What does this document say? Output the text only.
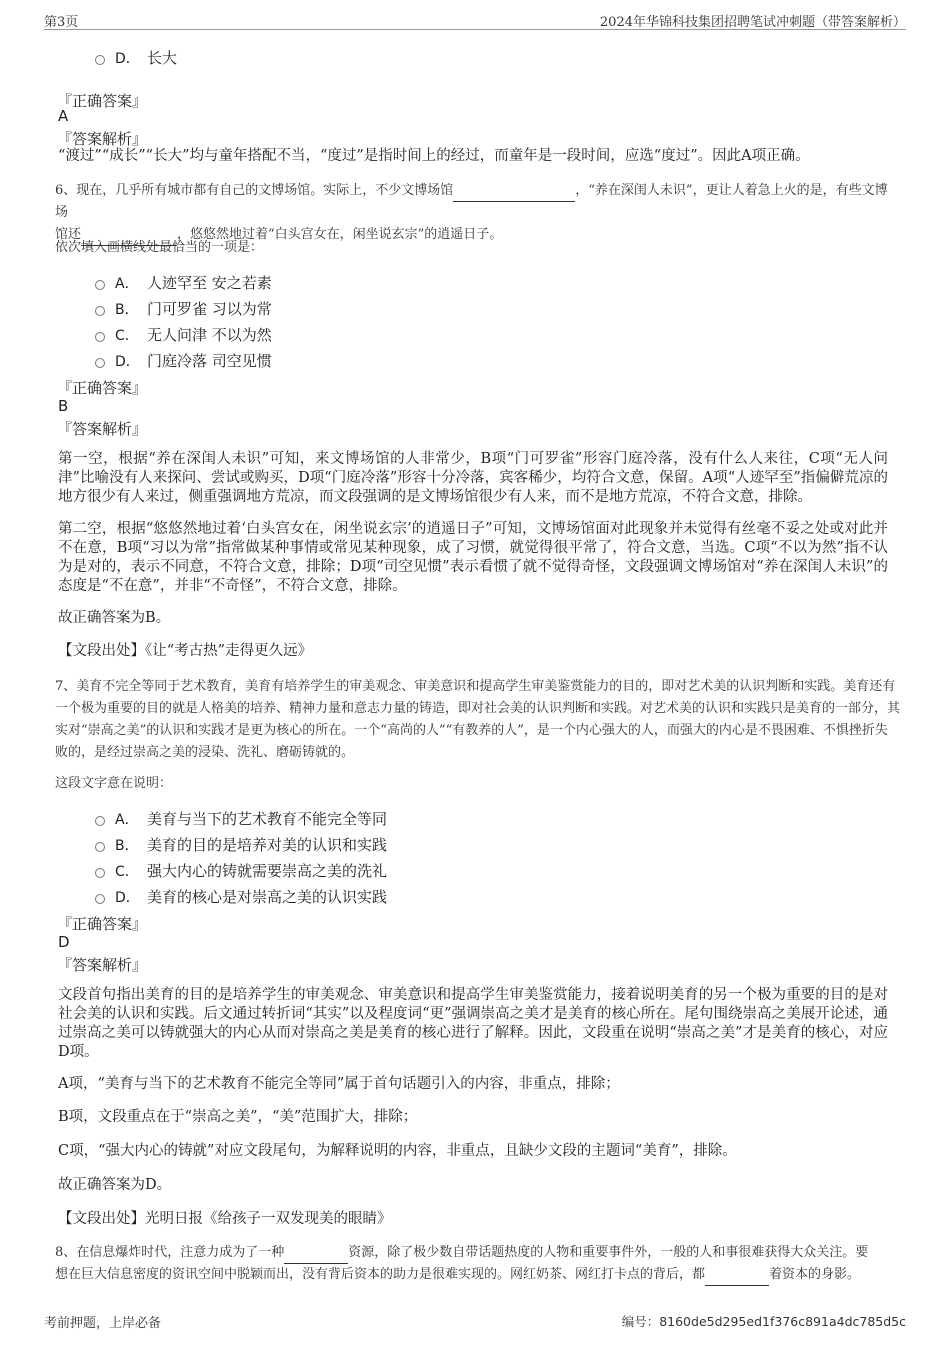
第3页	2024年华锦科技集团招聘笔试冲刺题（带答案解析）
D． 长大
『正确答案』
A
『答案解析』
“渡过”“成长”“长大”均与童年搭配不当，“度过”是指时间上的经过，而童年是一段时间，应选“度过”。因此A项正确。
6、现在，几乎所有城市都有自己的文博场馆。实际上，不少文博场馆	，“养在深闺人未识”，更让人着急上火的是，有些文博场
馆还	，悠悠然地过着“白头宫女在，闲坐说玄宗”的逍遥日子。
依次填入画横线处最恰当的一项是：
A． 人迹罕至 安之若素
B． 门可罗雀 习以为常
C． 无人问津 不以为然
D． 门庭冷落 司空见惯
『正确答案』
B
『答案解析』
第一空，根据“养在深闺人未识”可知，来文博场馆的人非常少，B项“门可罗雀”形容门庭冷落，没有什么人来往，C项“无人问津”比喻没有人来探问、尝试或购买，D项“门庭冷落”形容十分冷落，宾客稀少，均符合文意，保留。A项“人迹罕至”指偏僻荒凉的地方很少有人来过，侧重强调地方荒凉，而文段强调的是文博场馆很少有人来，而不是地方荒凉，不符合文意，排除。
第二空，根据“悠悠然地过着‘白头宫女在，闲坐说玄宗’的逍遥日子”可知，文博场馆面对此现象并未觉得有丝毫不妥之处或对此并不在意，B项“习以为常”指常做某种事情或常见某种现象，成了习惯，就觉得很平常了，符合文意，当选。C项“不以为然”指不认为是对的，表示不同意，不符合文意，排除；D项“司空见惯”表示看惯了就不觉得奇怪，文段强调文博场馆对“养在深闺人未识”的态度是“不在意”，并非“不奇怪”，不符合文意，排除。
故正确答案为B。
【文段出处】《让“考古热”走得更久远》
7、美育不完全等同于艺术教育，美育有培养学生的审美观念、审美意识和提高学生审美鉴赏能力的目的，即对艺术美的认识判断和实践。美育还有一个极为重要的目的就是人格美的培养、精神力量和意志力量的铸造，即对社会美的认识判断和实践。对艺术美的认识和实践只是美育的一部分，其实对“崇高之美”的认识和实践才是更为核心的所在。一个“高尚的人”“有教养的人”，是一个内心强大的人，而强大的内心是不畏困难、不惧挫折失败的，是经过崇高之美的浸染、洗礼、磨砺铸就的。
这段文字意在说明：
A． 美育与当下的艺术教育不能完全等同
B． 美育的目的是培养对美的认识和实践
C． 强大内心的铸就需要崇高之美的洗礼
D． 美育的核心是对崇高之美的认识实践
『正确答案』
D
『答案解析』
文段首句指出美育的目的是培养学生的审美观念、审美意识和提高学生审美鉴赏能力，接着说明美育的另一个极为重要的目的是对社会美的认识和实践。后文通过转折词“其实”以及程度词“更”强调崇高之美才是美育的核心所在。尾句围绕崇高之美展开论述，通过崇高之美可以铸就强大的内心从而对崇高之美是美育的核心进行了解释。因此，文段重在说明“崇高之美”才是美育的核心，对应D项。
A项，“美育与当下的艺术教育不能完全等同”属于首句话题引入的内容，非重点，排除；
B项，文段重点在于“崇高之美”，“美”范围扩大，排除；
C项，“强大内心的铸就”对应文段尾句，为解释说明的内容，非重点，且缺少文段的主题词“美育”，排除。
故正确答案为D。
【文段出处】光明日报《给孩子一双发现美的眼睛》
8、在信息爆炸时代，注意力成为了一种	资源，除了极少数自带话题热度的人物和重要事件外，一般的人和事很难获得大众关注。要
想在巨大信息密度的资讯空间中脱颖而出，没有背后资本的助力是很难实现的。网红奶茶、网红打卡点的背后，都	着资本的身影。
考前押题，上岸必备	编号：8160de5d295ed1f376c891a4dc785d5c
